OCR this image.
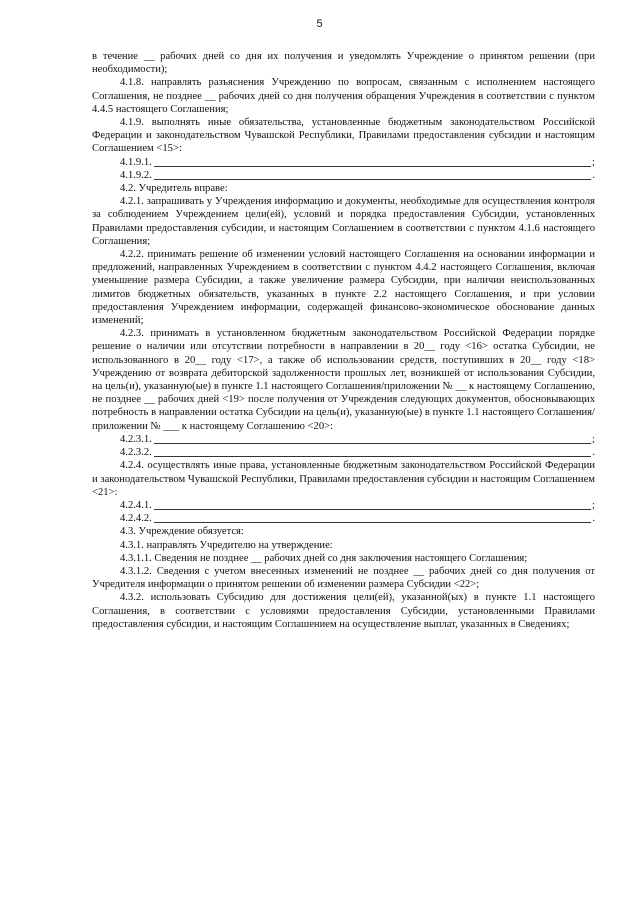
5

в течение __ рабочих дней со дня их получения и уведомлять Учреждение о принятом решении (при необходимости);

4.1.8. направлять разъяснения Учреждению по вопросам, связанным с исполнением настоящего Соглашения, не позднее __ рабочих дней со дня получения обращения Учреждения в соответствии с пунктом 4.4.5 настоящего Соглашения;

4.1.9. выполнять иные обязательства, установленные бюджетным законодательством Российской Федерации и законодательством Чувашской Республики, Правилами предоставления субсидии и настоящим Соглашением <15>:

4.1.9.1.	;
4.1.9.2.	.

4.2. Учредитель вправе:

4.2.1. запрашивать у Учреждения информацию и документы, необходимые для осуществления контроля за соблюдением Учреждением цели(ей), условий и порядка предоставления Субсидии, установленных Правилами предоставления субсидии, и настоящим Соглашением в соответствии с пунктом 4.1.6 настоящего Соглашения;

4.2.2. принимать решение об изменении условий настоящего Соглашения на основании информации и предложений, направленных Учреждением в соответствии с пунктом 4.4.2 настоящего Соглашения, включая уменьшение размера Субсидии, а также увеличение размера Субсидии, при наличии неиспользованных лимитов бюджетных обязательств, указанных в пункте 2.2 настоящего Соглашения, и при условии предоставления Учреждением информации, содержащей финансово-экономическое обоснование данных изменений;

4.2.3. принимать в установленном бюджетным законодательством Российской Федерации порядке решение о наличии или отсутствии потребности в направлении в 20__ году <16> остатка Субсидии, не использованного в 20__ году <17>, а также об использовании средств, поступивших в 20__ году <18> Учреждению от возврата дебиторской задолженности прошлых лет, возникшей от использования Субсидии, на цель(и), указанную(ые) в пункте 1.1 настоящего Соглашения/приложении № __ к настоящему Соглашению, не позднее __ рабочих дней <19> после получения от Учреждения следующих документов, обосновывающих потребность в направлении остатка Субсидии на цель(и), указанную(ые) в пункте 1.1 настоящего Соглашения/приложении № ___ к настоящему Соглашению <20>:

4.2.3.1.	;
4.2.3.2.	.

4.2.4. осуществлять иные права, установленные бюджетным законодательством Российской Федерации и законодательством Чувашской Республики, Правилами предоставления субсидии и настоящим Соглашением <21>:

4.2.4.1.	;
4.2.4.2.	.

4.3. Учреждение обязуется:

4.3.1. направлять Учредителю на утверждение:

4.3.1.1. Сведения не позднее __ рабочих дней со дня заключения настоящего Соглашения;

4.3.1.2. Сведения с учетом внесенных изменений не позднее __ рабочих дней со дня получения от Учредителя информации о принятом решении об изменении размера Субсидии <22>;

4.3.2. использовать Субсидию для достижения цели(ей), указанной(ых) в пункте 1.1 настоящего Соглашения, в соответствии с условиями предоставления Субсидии, установленными Правилами предоставления субсидии, и настоящим Соглашением на осуществление выплат, указанных в Сведениях;
